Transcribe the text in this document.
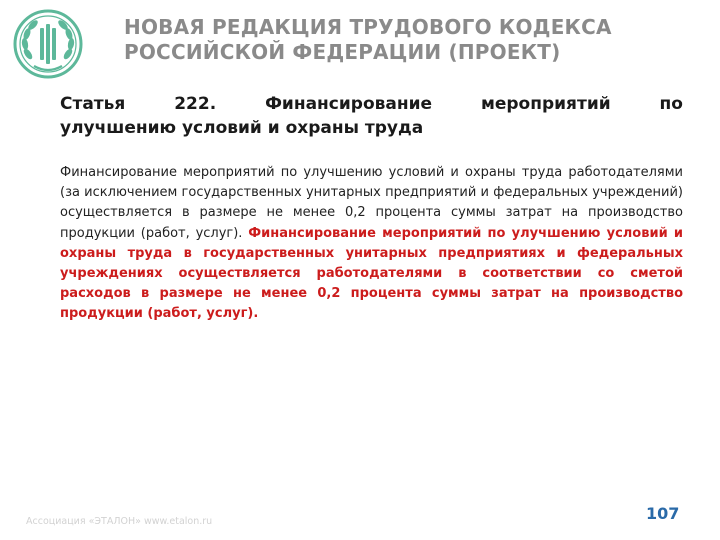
НОВАЯ РЕДАКЦИЯ ТРУДОВОГО КОДЕКСА
РОССИЙСКОЙ ФЕДЕРАЦИИ (ПРОЕКТ)
Статья	222.	Финансирование	мероприятий	по
улучшению условий и охраны труда
Финансирование мероприятий по улучшению условий и охраны труда работодателями (за исключением государственных унитарных предприятий и федеральных учреждений) осуществляется в размере не менее 0,2 процента суммы затрат на производство продукции (работ, услуг). Финансирование мероприятий по улучшению условий и охраны труда в государственных унитарных предприятиях и федеральных учреждениях осуществляется работодателями в соответствии со сметой расходов в размере не менее 0,2 процента суммы затрат на производство продукции (работ, услуг).
Ассоциация «ЭТАЛОН» www.etalon.ru	107
